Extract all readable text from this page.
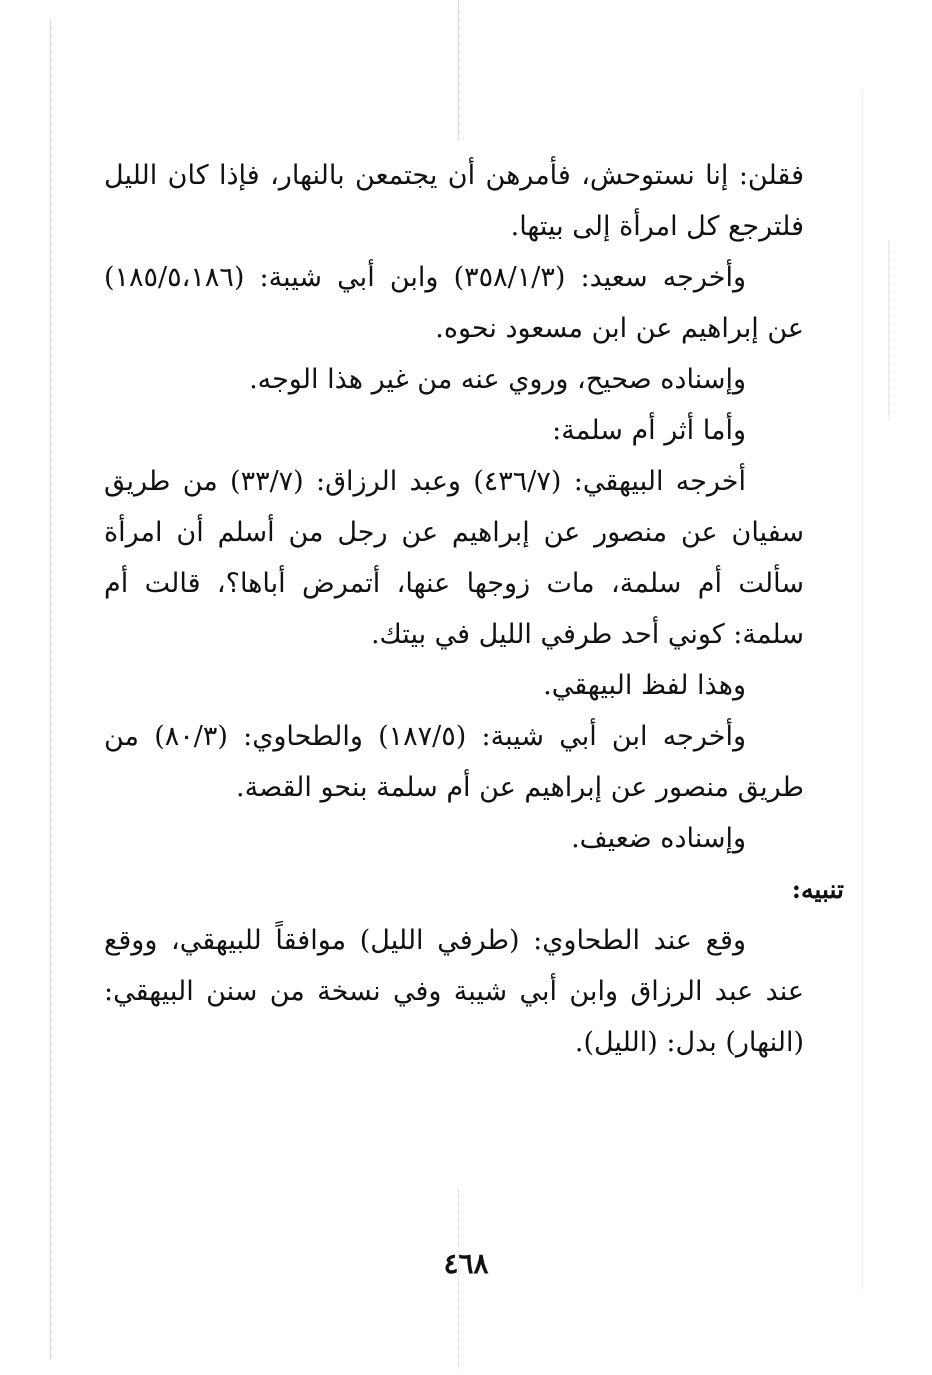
فقلن: إنا نستوحش، فأمرهن أن يجتمعن بالنهار، فإذا كان الليل فلترجع كل امرأة إلى بيتها.

وأخرجه سعيد: (٣٥٨/١/٣) وابن أبي شيبة: (١٨٥/٥،١٨٦) عن إبراهيم عن ابن مسعود نحوه.

وإسناده صحيح، وروي عنه من غير هذا الوجه.

وأما أثر أم سلمة:

أخرجه البيهقي: (٤٣٦/٧) وعبد الرزاق: (٣٣/٧) من طريق سفيان عن منصور عن إبراهيم عن رجل من أسلم أن امرأة سألت أم سلمة، مات زوجها عنها، أتمرض أباها؟، قالت أم سلمة: كوني أحد طرفي الليل في بيتك.

وهذا لفظ البيهقي.

وأخرجه ابن أبي شيبة: (١٨٧/٥) والطحاوي: (٨٠/٣) من طريق منصور عن إبراهيم عن أم سلمة بنحو القصة.

وإسناده ضعيف.

تنبيه:

وقع عند الطحاوي: (طرفي الليل) موافقاً للبيهقي، ووقع عند عبد الرزاق وابن أبي شيبة وفي نسخة من سنن البيهقي: (النهار) بدل: (الليل).

٤٦٨
